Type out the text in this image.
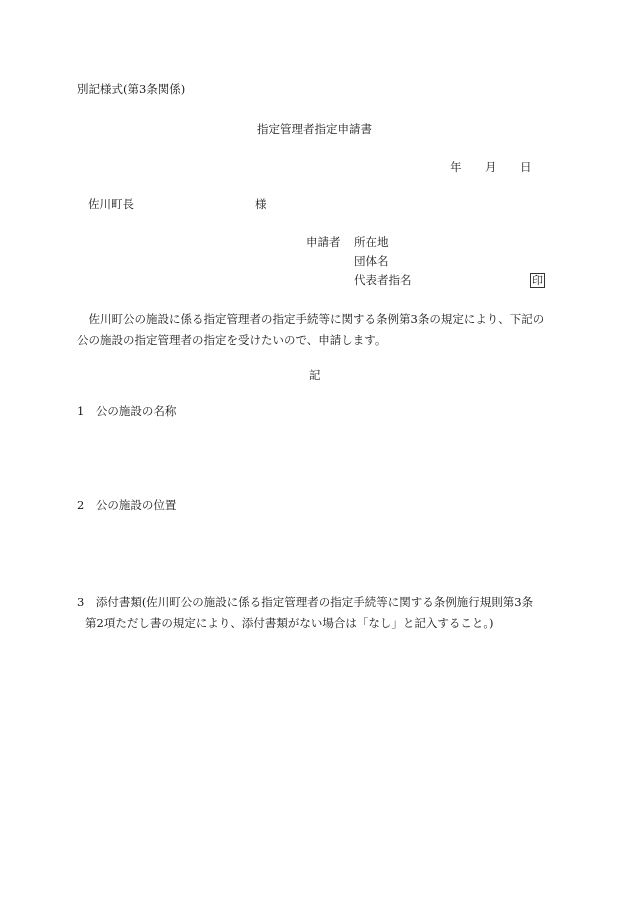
別記様式(第3条関係)
指定管理者指定申請書
年 月 日
佐川町長	様
申請者 所在地
団体名
代表者指名	印
　佐川町公の施設に係る指定管理者の指定手続等に関する条例第3条の規定により、下記の
公の施設の指定管理者の指定を受けたいので、申請します。
記
1　公の施設の名称
2　公の施設の位置
3　添付書類(佐川町公の施設に係る指定管理者の指定手続等に関する条例施行規則第3条
第2項ただし書の規定により、添付書類がない場合は「なし」と記入すること。)
